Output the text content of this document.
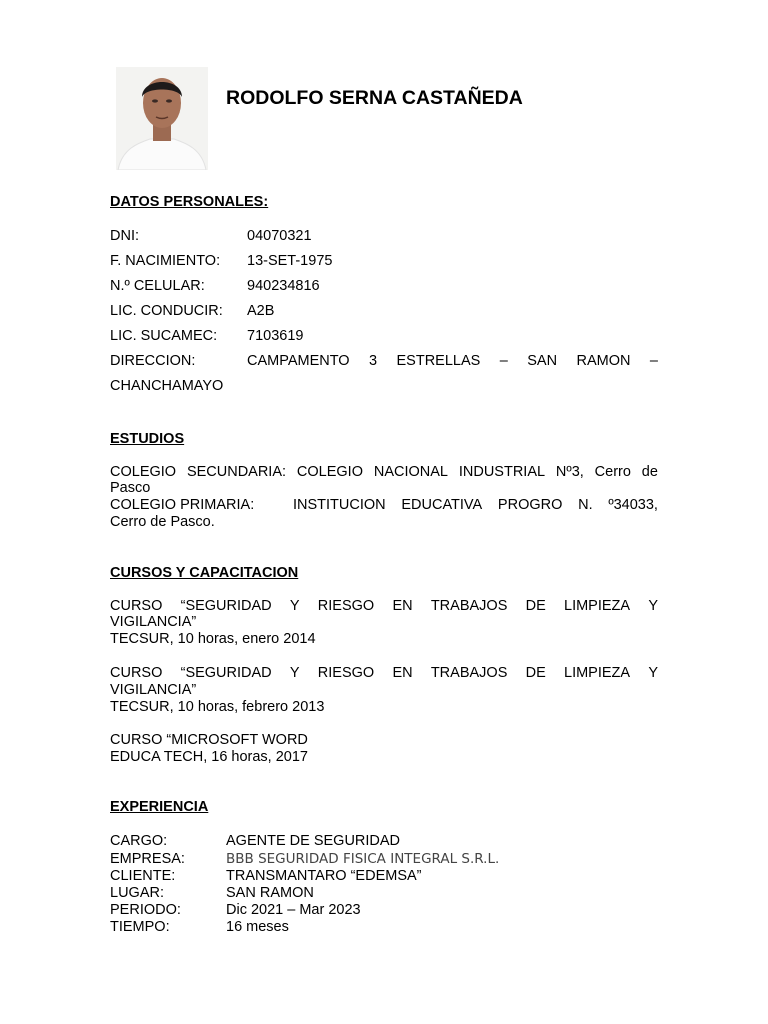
RODOLFO SERNA CASTAÑEDA
DATOS PERSONALES:
DNI:	04070321
F. NACIMIENTO: 13-SET-1975
N.º CELULAR:	940234816
LIC. CONDUCIR: A2B
LIC. SUCAMEC: 7103619
DIRECCION:	CAMPAMENTO 3 ESTRELLAS – SAN RAMON –
CHANCHAMAYO
ESTUDIOS
COLEGIO SECUNDARIA: COLEGIO NACIONAL INDUSTRIAL Nº3, Cerro de
Pasco
COLEGIO PRIMARIA:	INSTITUCION EDUCATIVA PROGRO N. º34033,
Cerro de Pasco.
CURSOS Y CAPACITACION
CURSO “SEGURIDAD Y RIESGO EN TRABAJOS DE LIMPIEZA Y
VIGILANCIA”
TECSUR, 10 horas, enero 2014
CURSO “SEGURIDAD Y RIESGO EN TRABAJOS DE LIMPIEZA Y
VIGILANCIA”
TECSUR, 10 horas, febrero 2013
CURSO “MICROSOFT WORD
EDUCA TECH, 16 horas, 2017
EXPERIENCIA
CARGO:	AGENTE DE SEGURIDAD
EMPRESA:	BBB SEGURIDAD FISICA INTEGRAL S.R.L.
CLIENTE:	TRANSMANTARO “EDEMSA”
LUGAR:	SAN RAMON
PERIODO:	Dic 2021 – Mar 2023
TIEMPO:	16 meses
